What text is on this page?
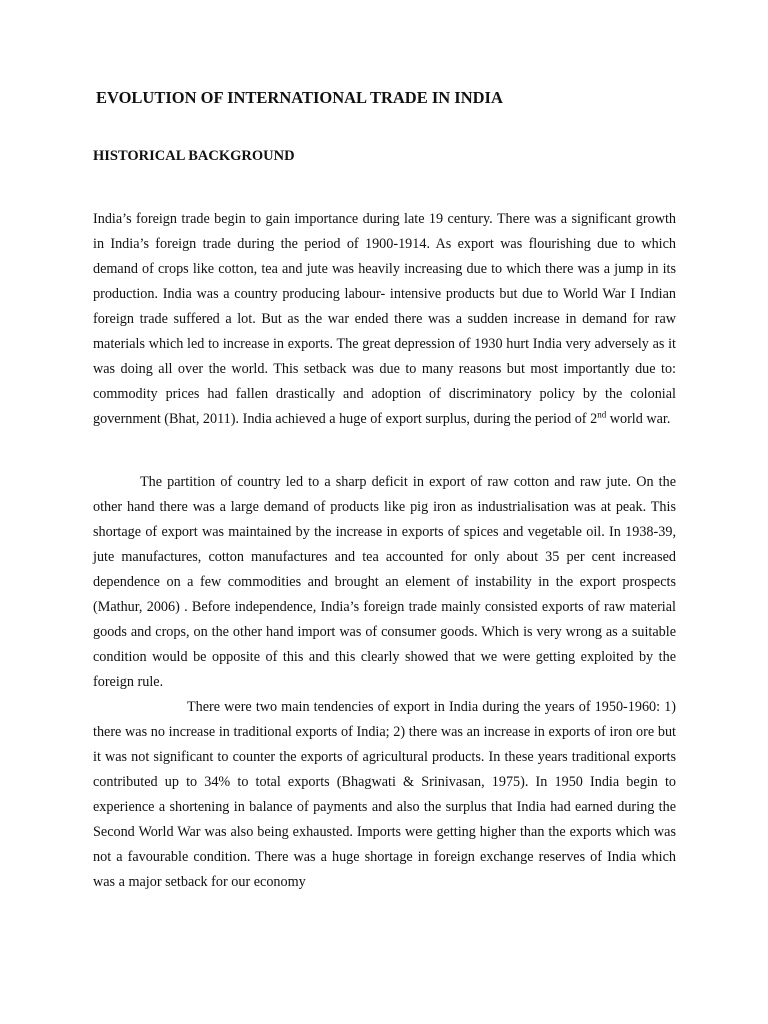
EVOLUTION OF INTERNATIONAL TRADE IN INDIA
HISTORICAL BACKGROUND

India’s foreign trade begin to gain importance during late 19 century. There was a significant growth in India’s foreign trade during the period of 1900-1914. As export was flourishing due to which demand of crops like cotton, tea and jute was heavily increasing due to which there was a jump in its production. India was a country producing labour- intensive products but due to World War I Indian foreign trade suffered a lot. But as the war ended there was a sudden increase in demand for raw materials which led to increase in exports. The great depression of 1930 hurt India very adversely as it was doing all over the world. This setback was due to many reasons but most importantly due to: commodity prices had fallen drastically and adoption of discriminatory policy by the colonial government (Bhat, 2011). India achieved a huge of export surplus, during the period of 2nd world war.

The partition of country led to a sharp deficit in export of raw cotton and raw jute. On the other hand there was a large demand of products like pig iron as industrialisation was at peak. This shortage of export was maintained by the increase in exports of spices and vegetable oil. In 1938-39, jute manufactures, cotton manufactures and tea accounted for only about 35 per cent increased dependence on a few commodities and brought an element of instability in the export prospects (Mathur, 2006) . Before independence, India’s foreign trade mainly consisted exports of raw material goods and crops, on the other hand import was of consumer goods. Which is very wrong as a suitable condition would be opposite of this and this clearly showed that we were getting exploited by the foreign rule.

There were two main tendencies of export in India during the years of 1950-1960: 1) there was no increase in traditional exports of India; 2) there was an increase in exports of iron ore but it was not significant to counter the exports of agricultural products. In these years traditional exports contributed up to 34% to total exports (Bhagwati & Srinivasan, 1975). In 1950 India begin to experience a shortening in balance of payments and also the surplus that India had earned during the Second World War was also being exhausted. Imports were getting higher than the exports which was not a favourable condition. There was a huge shortage in foreign exchange reserves of India which was a major setback for our economy
